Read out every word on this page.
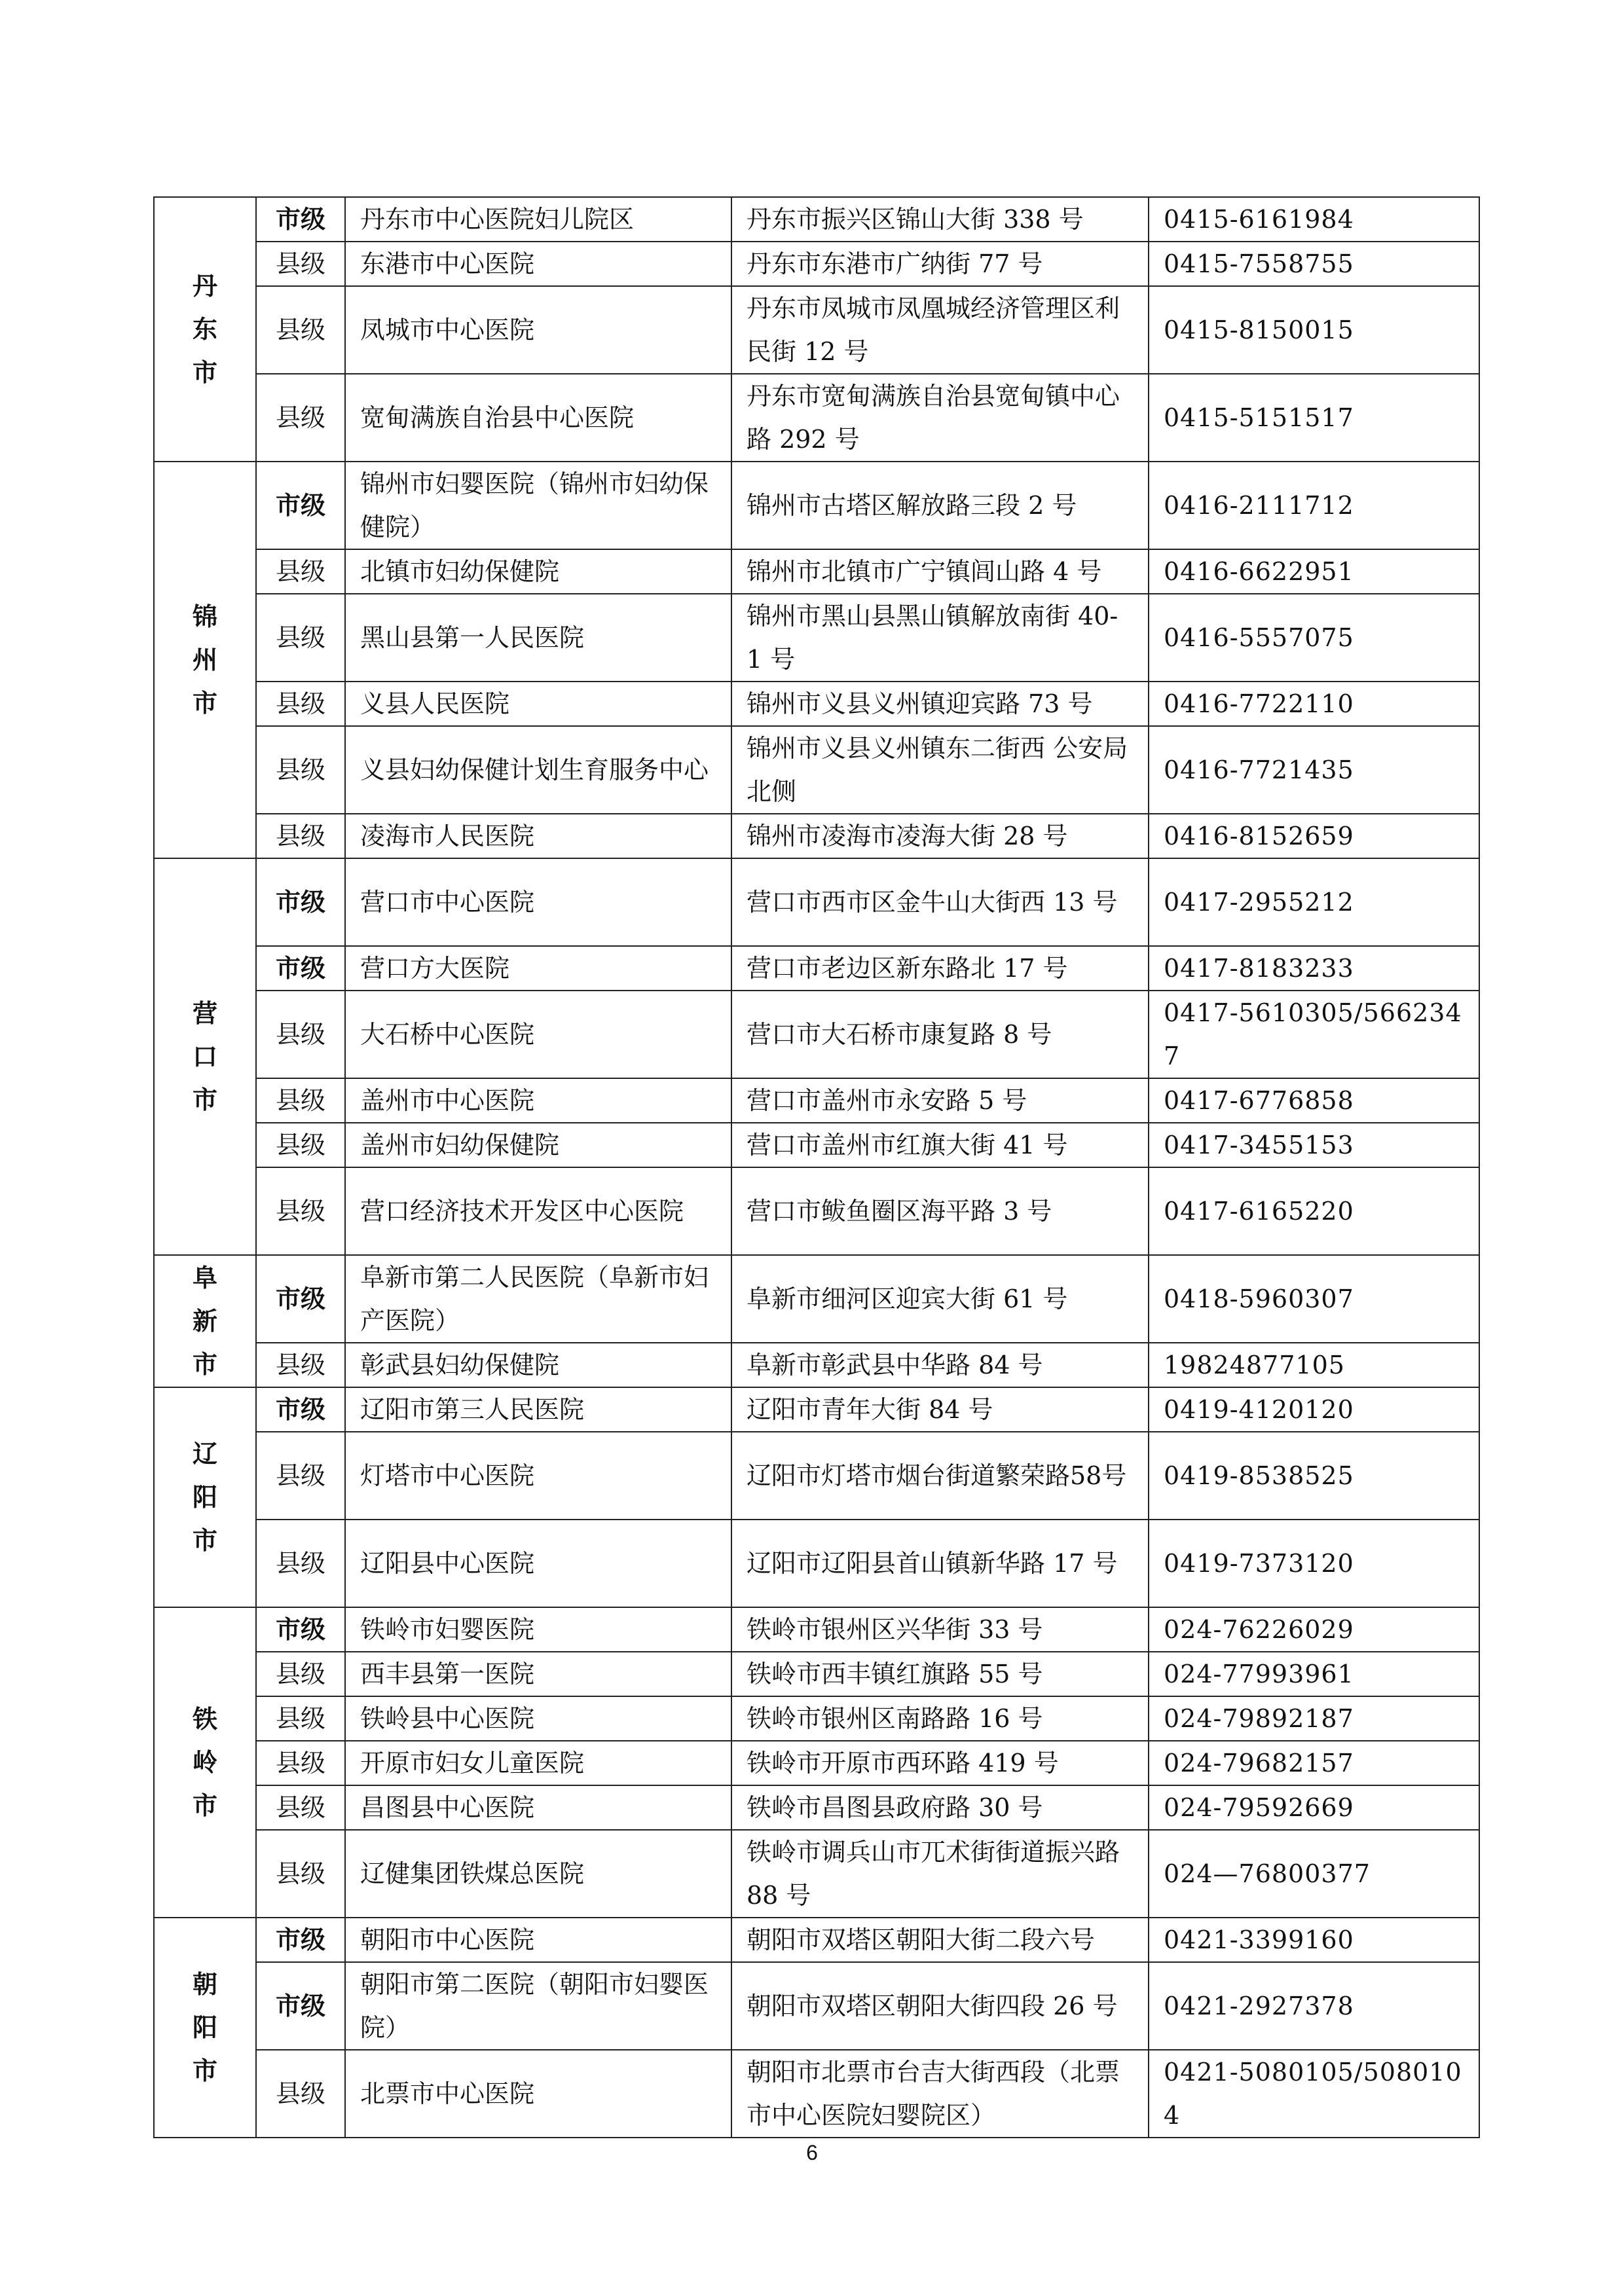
丹东市	市级	丹东市中心医院妇儿院区	丹东市振兴区锦山大街 338 号	0415-6161984
	县级	东港市中心医院	丹东市东港市广纳街 77 号	0415-7558755
	县级	凤城市中心医院	丹东市凤城市凤凰城经济管理区利民街 12 号	0415-8150015
	县级	宽甸满族自治县中心医院	丹东市宽甸满族自治县宽甸镇中心路 292 号	0415-5151517
锦州市	市级	锦州市妇婴医院（锦州市妇幼保健院）	锦州市古塔区解放路三段 2 号	0416-2111712
	县级	北镇市妇幼保健院	锦州市北镇市广宁镇闾山路 4 号	0416-6622951
	县级	黑山县第一人民医院	锦州市黑山县黑山镇解放南街 40-1 号	0416-5557075
	县级	义县人民医院	锦州市义县义州镇迎宾路 73 号	0416-7722110
	县级	义县妇幼保健计划生育服务中心	锦州市义县义州镇东二街西 公安局北侧	0416-7721435
	县级	凌海市人民医院	锦州市凌海市凌海大街 28 号	0416-8152659
营口市	市级	营口市中心医院	营口市西市区金牛山大街西 13 号	0417-2955212
	市级	营口方大医院	营口市老边区新东路北 17 号	0417-8183233
	县级	大石桥中心医院	营口市大石桥市康复路 8 号	0417-5610305/5662347
	县级	盖州市中心医院	营口市盖州市永安路 5 号	0417-6776858
	县级	盖州市妇幼保健院	营口市盖州市红旗大街 41 号	0417-3455153
	县级	营口经济技术开发区中心医院	营口市鲅鱼圈区海平路 3 号	0417-6165220
阜新市	市级	阜新市第二人民医院（阜新市妇产医院）	阜新市细河区迎宾大街 61 号	0418-5960307
	县级	彰武县妇幼保健院	阜新市彰武县中华路 84 号	19824877105
辽阳市	市级	辽阳市第三人民医院	辽阳市青年大街 84 号	0419-4120120
	县级	灯塔市中心医院	辽阳市灯塔市烟台街道繁荣路58号	0419-8538525
	县级	辽阳县中心医院	辽阳市辽阳县首山镇新华路 17 号	0419-7373120
铁岭市	市级	铁岭市妇婴医院	铁岭市银州区兴华街 33 号	024-76226029
	县级	西丰县第一医院	铁岭市西丰镇红旗路 55 号	024-77993961
	县级	铁岭县中心医院	铁岭市银州区南路路 16 号	024-79892187
	县级	开原市妇女儿童医院	铁岭市开原市西环路 419 号	024-79682157
	县级	昌图县中心医院	铁岭市昌图县政府路 30 号	024-79592669
	县级	辽健集团铁煤总医院	铁岭市调兵山市兀术街街道振兴路 88 号	024—76800377
朝阳市	市级	朝阳市中心医院	朝阳市双塔区朝阳大街二段六号	0421-3399160
	市级	朝阳市第二医院（朝阳市妇婴医院）	朝阳市双塔区朝阳大街四段 26 号	0421-2927378
	县级	北票市中心医院	朝阳市北票市台吉大街西段（北票市中心医院妇婴院区）	0421-5080105/5080104
6
